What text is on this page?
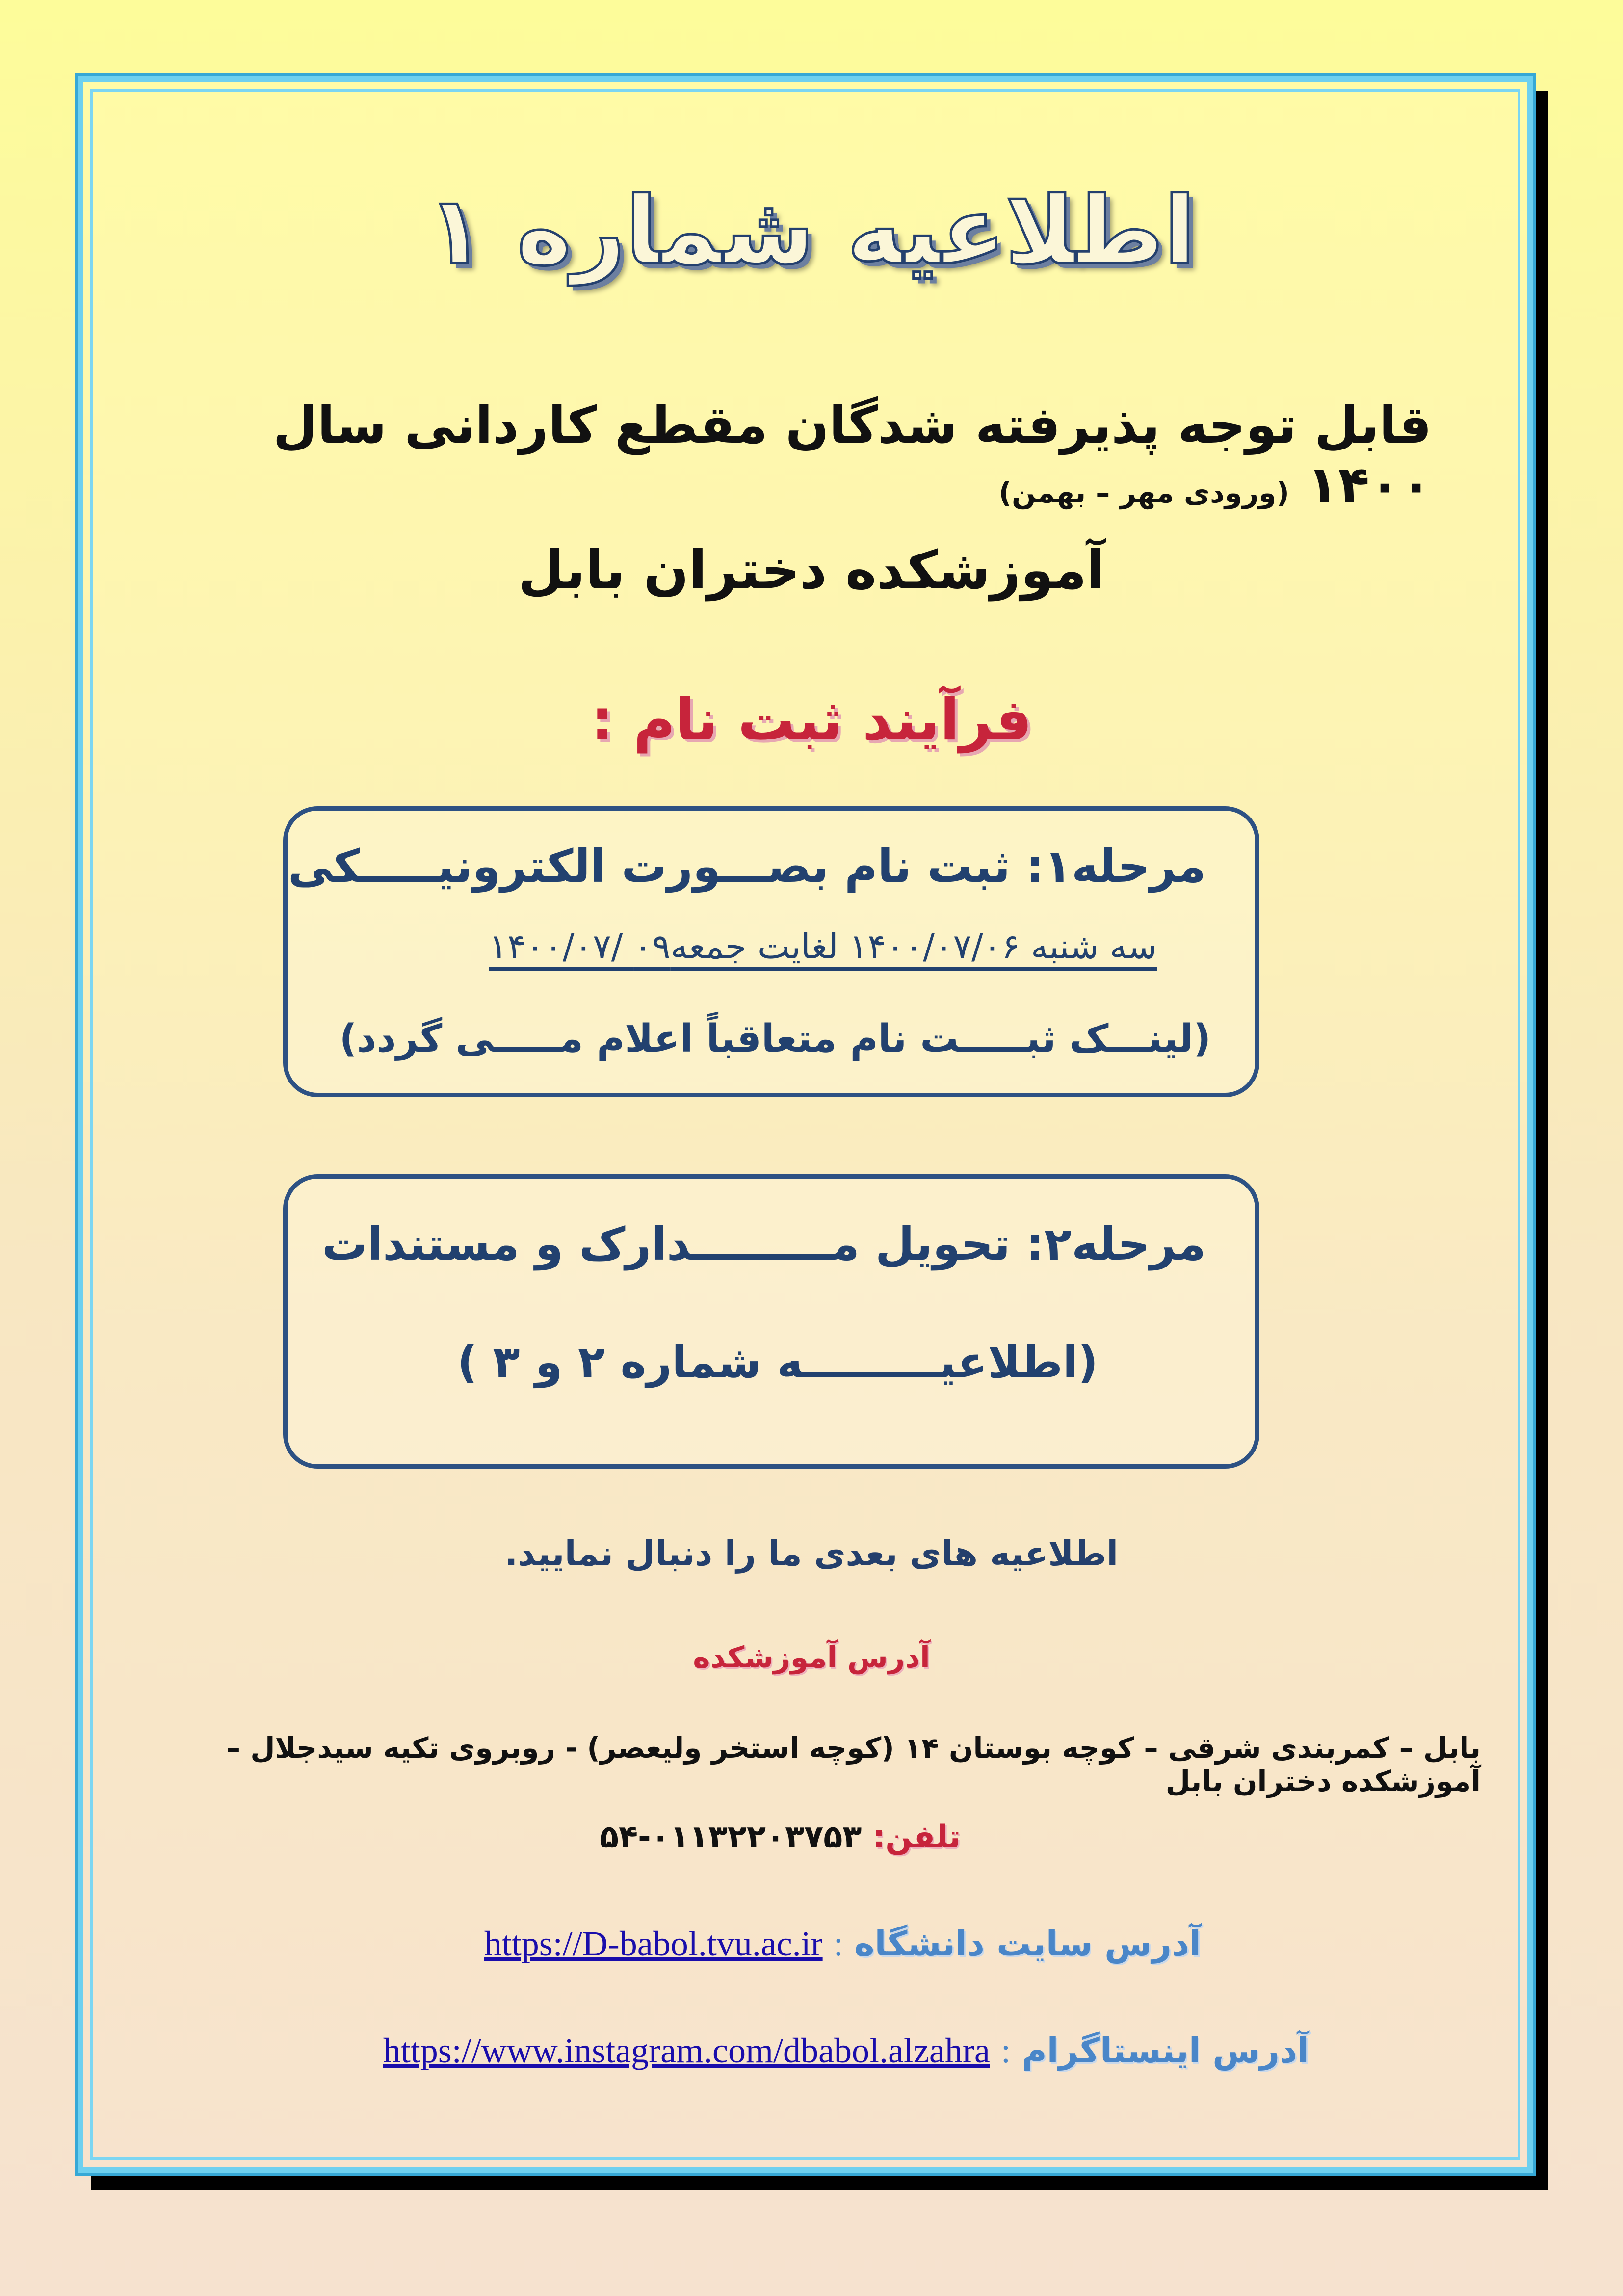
اطلاعیه شماره ۱
قابل توجه پذیرفته شدگان مقطع کاردانی سال ۱۴۰۰ (ورودی مهر – بهمن)
آموزشکده دختران بابل
فرآیند ثبت نام :
مرحله۱: ثبت نام بصـــورت الکترونیـــــکی
سه شنبه ۱۴۰۰/۰۷/۰۶ لغایت جمعه۰۹ /۱۴۰۰/۰۷
(لینـــک ثبـــــت نام متعاقباً اعلام مـــــی گردد)
مرحله۲: تحویل مـــــــــدارک و مستندات
(اطلاعیـــــــــه شماره ۲ و ۳ )
اطلاعیه های بعدی ما را دنبال نمایید.
آدرس آموزشکده
بابل – کمربندی شرقی – کوچه بوستان ۱۴ (کوچه استخر ولیعصر) - روبروی تکیه سیدجلال – آموزشکده دختران بابل
تلفن: ۰۱۱۳۲۲۰۳۷۵۳-۵۴
آدرس سایت دانشگاه : https://D-babol.tvu.ac.ir
آدرس اینستاگرام : https://www.instagram.com/dbabol.alzahra
